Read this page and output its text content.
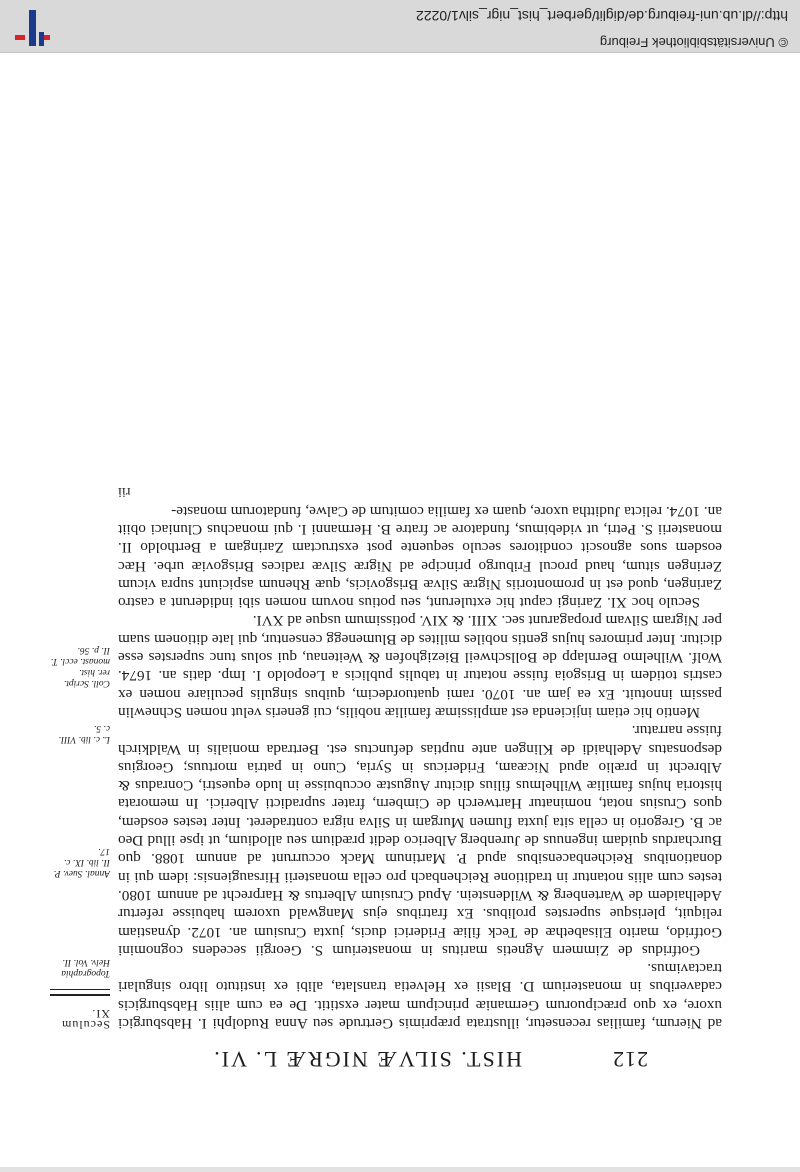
212
HIST. SILVÆ NIGRÆ L. VI.

ad Nierum, familias recensetur, illustrata præprimis Gertrude seu Anna Rudolphi I. Habsburgici uxore, ex quo præcipuorum Germaniæ principum mater exstitit. De ea cum aliis Habsburgicis cadaveribus in monasterium D. Blasii ex Helvetia translata, alibi ex instituto libro singulari tractavimus.

Gotfridus de Zimmern Agnetis maritus in monasterium S. Georgii secedens cognomini Gotfrido, marito Elisabethæ de Teck filiæ Friderici ducis, juxta Crusium an. 1072. dynastiam reliquit, plerisque superstes prolibus. Ex fratribus ejus Mangwald uxorem habuisse refertur Adelhaidem de Wartenberg & Wildenstein. Apud Crusium Albertus & Harprecht ad annum 1080. testes cum aliis notantur in traditione Reichenbach pro cella monasterii Hirsaugiensis: idem qui in donationibus Reichenbacensibus apud P. Martinum Mack occurrunt ad annum 1088. quo Burchardus quidam ingenuus de Jurenberg Alberico dedit prædium seu allodium, ut ipse illud Deo ac B. Gregorio in cella sita juxta flumen Murgam in Silva nigra contraderet. Inter testes eosdem, quos Crusius notat, nominatur Hartwerch de Cimbern, frater supradicti Alberici. In memorata historia hujus familiæ Wilhelmus filius dicitur Augustæ occubuisse in ludo equestri, Conradus & Albrecht in prælio apud Nicæam, Fridericus in Syria, Cuno in patria mortuus; Georgius desponsatus Adelhaidi de Klingen ante nuptias defunctus est. Bertrada monialis in Waldkirch fuisse narratur.

Mentio hic etiam injicienda est amplissimæ familiæ nobilis, cui generis velut nomen Schnewlin passim innotuit. Ex ea jam an. 1070. rami quatuordecim, quibus singulis peculiare nomen ex castris totidem in Brisgoia fuisse notatur in tabulis publicis a Leopoldo I. Imp. datis an. 1674. Wolf. Wilhelmo Bernlapp de Bollschweil Biezighofen & Weitenau, qui solus tunc superstes esse dicitur. Inter primores hujus gentis nobiles milites de Blumenegg censentur, qui late ditionem suam per Nigram Silvam propagarunt sec. XIII. & XIV. potissimum usque ad XVI.

Seculo hoc XI. Zaringi caput hic extulerunt, seu potius novum nomen sibi indiderunt a castro Zaringen, quod est in promontoriis Nigræ Silvæ Brisgovicis, quæ Rhenum aspiciunt supra vicum Zeringen situm, haud procul Friburgo principe ad Nigræ Silvæ radices Brisgoviæ urbe. Hæc eosdem suos agnoscit conditores seculo sequente post exstructam Zaringam a Bertholdo II. monasterii S. Petri, ut videbimus, fundatore ac fratre B. Hermanni I. qui monachus Cluniaci obiit an. 1074. relicta Judittha uxore, quam ex familia comitum de Calwe, fundatorum monaste-

rii
Seculum XI.
Topographia Helv. Vol. II.
Annal. Suev. P. II. lib. IX. c. 17.
L. c. lib. VIII. c. 5.
Coll. Script. rer. hist. monast. eccl. T. II. p. 56.
© Universitätsbibliothek Freiburg
http://dl.ub.uni-freiburg.de/diglit/gerbert_hist_nigr_silv1/0222
